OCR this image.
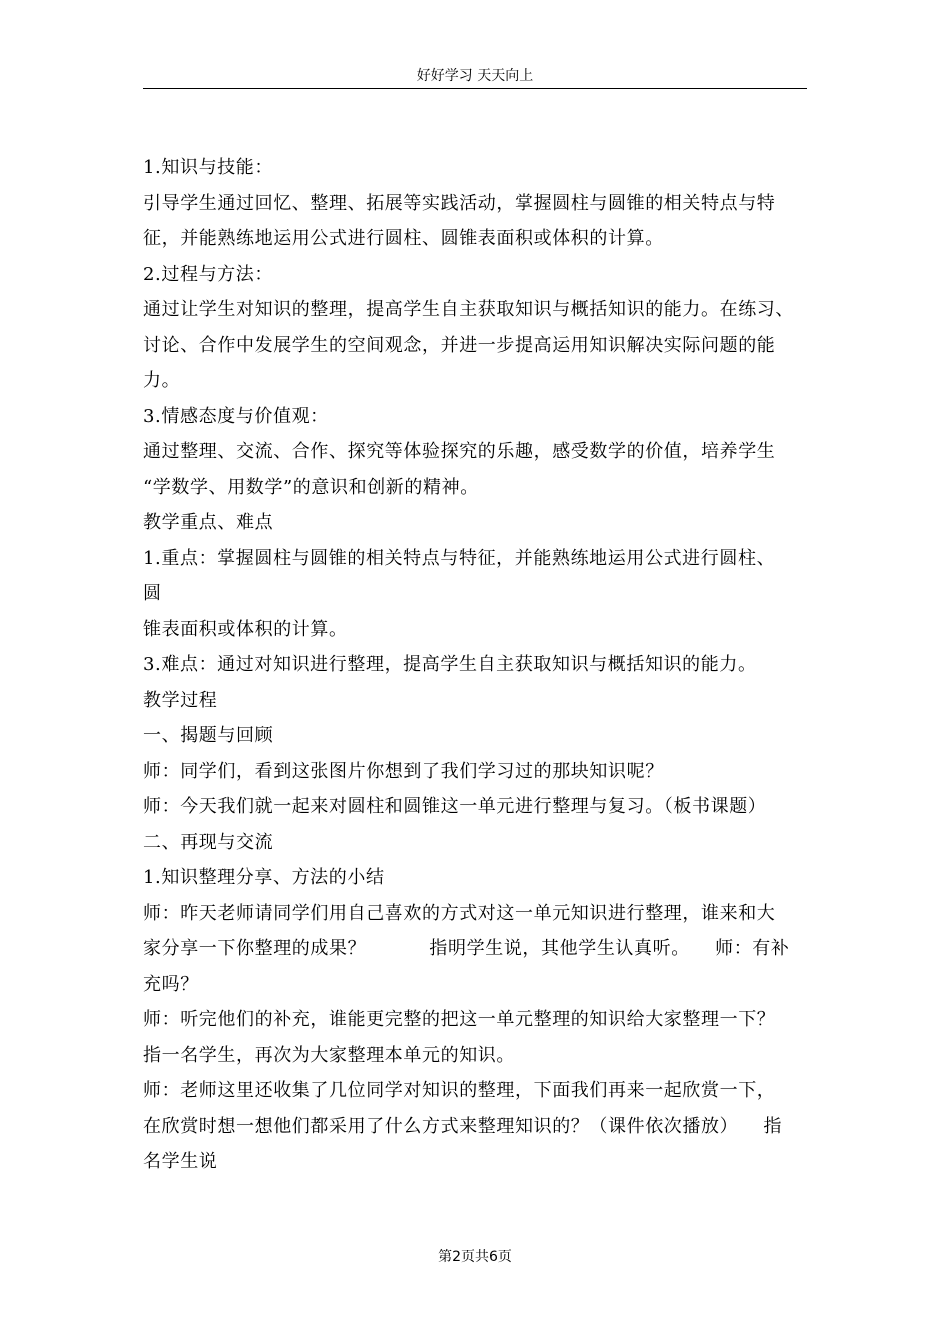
好好学习 天天向上
1.知识与技能：
引导学生通过回忆、整理、拓展等实践活动，掌握圆柱与圆锥的相关特点与特
征，并能熟练地运用公式进行圆柱、圆锥表面积或体积的计算。
2.过程与方法：
通过让学生对知识的整理，提高学生自主获取知识与概括知识的能力。在练习、
讨论、合作中发展学生的空间观念，并进一步提高运用知识解决实际问题的能
力。
3.情感态度与价值观：
通过整理、交流、合作、探究等体验探究的乐趣，感受数学的价值，培养学生
“学数学、用数学”的意识和创新的精神。
教学重点、难点
1.重点：掌握圆柱与圆锥的相关特点与特征，并能熟练地运用公式进行圆柱、
圆
锥表面积或体积的计算。
3.难点：通过对知识进行整理，提高学生自主获取知识与概括知识的能力。
教学过程
一、揭题与回顾
师：同学们，看到这张图片你想到了我们学习过的那块知识呢？
师：今天我们就一起来对圆柱和圆锥这一单元进行整理与复习。（板书课题）
二、再现与交流
1.知识整理分享、方法的小结
师：昨天老师请同学们用自己喜欢的方式对这一单元知识进行整理，谁来和大
家分享一下你整理的成果？          指明学生说，其他学生认真听。    师：有补
充吗？
师：听完他们的补充，谁能更完整的把这一单元整理的知识给大家整理一下？
指一名学生，再次为大家整理本单元的知识。
师：老师这里还收集了几位同学对知识的整理，下面我们再来一起欣赏一下，
在欣赏时想一想他们都采用了什么方式来整理知识的？（课件依次播放）    指
名学生说
第2页共6页
